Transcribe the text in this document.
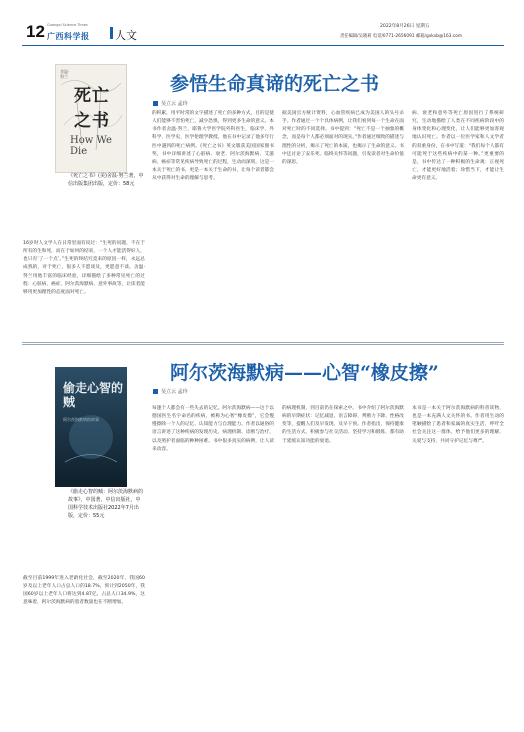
12 Guangxi Science Times
广西科学报 人文
2022年8月26日 星期五
责任编辑/吴晓莉 电话/0771-2656091 邮箱/gxkxb@163.com
参悟生命真谛的死亡之书
吴立云 孟玲
舍温·努兰
死亡之书
How We Die
《死亡之书》(美)舍温·努兰著，中信出版集团出版，定价：58元
16岁时人文学人在日常里面有说过：“生死的问题，不在于所有的生和死，而在于如何的结束，一个人才能活得好人，也只有‘了一个点’。”生死的终结究竟来的原因一样，永远总成熟的，对于死亡，很多人不愿谈及，更愿意不谈。舍温·努兰用他丰富的临床经验，详细描绘了多种常见死亡的过程：心脏病、癌症、阿尔茨海默病、意外事故等，让读者能够用更加理性的态度面对死亡。
的积累，用平时常的文字描述了死亡的多种方式，目的是使人们能够不害怕死亡，减少恐惧，得到更多生命的意义。本书作者舍温·努兰，耶鲁大学医学院外科医生，临床学、外科学、医学史、医学伦理学教授。他在书中记录了他多年行医中遇到的死亡病例。《死亡之书》英文版获美国国家图书奖，书中详细讲述了心脏病、衰老、阿尔茨海默病、艾滋病、癌症等常见疾病导致死亡的过程，生动而深刻，这是一本关于死亡的书，更是一本关于生命的书，让每个读者都会从中获得对生命的理解与思考。
据美国官方统计资料，心血管疾病已成为美国人的头号杀手。作者通过一个个具体病例，让我们看到每一个生命在面对死亡时的不同选择。书中提到：“死亡不是一个抽象的概念，而是每个人都必须面对的现实。”作者通过细致的描述与理性的分析，揭示了死亡的本质，也揭示了生命的意义。书中还讨论了安乐死、临终关怀等问题，引发读者对生命价值的深思。
病、衰老和意外等死亡原因进行了系统研究，生动地描绘了人类在不同疾病阶段中的身体变化和心理变化，让人们能够更加客观地认识死亡。作者以一位医学家和人文学者的双重身份，在书中写道：“我们每个人都有可能死于这些疾病中的某一种。”更重要的是，书中传达了一种积极的生命观：正视死亡，才能更好地活着；珍惜当下，才能让生命更有意义。
阿尔茨海默病——心智“橡皮擦”
吴立云 孟玲
偷走心智的贼
阿尔茨海默病的故事
《偷走心智的贼：阿尔茨海默病的故事》，中国著，中信出版社，中国科学技术出版社2022年7月出版，定价：55元
截至目前1999年进入老龄化社会，截至2020年，我国60岁及以上老年人口占总人口的18.7%，预计到2050年，我国60岁以上老年人口将达到4.87亿，占总人口34.9%，这意味着，阿尔茨海默病的患者数量也在不断增加。
每逢个人都会有一些失去的记忆。阿尔茨海默病——这个以德国医生名字命名的疾病，被称为心智“橡皮擦”，它会慢慢擦除一个人的记忆、认知能力与自理能力。作者以通俗的语言讲述了这种疾病的发现历史、病理机制、诊断与治疗，以及照护者面临的种种困难。书中很多真实的病例，让人读来动容。
的病理机制，到目前仍在探索之中。书中介绍了阿尔茨海默病的早期症状：记忆减退、语言障碍、判断力下降、性格改变等，提醒人们及早发现、及早干预。作者指出，保持健康的生活方式、积极参与社交活动、坚持学习和锻炼，都有助于延缓认知功能的衰退。
本书是一本关于阿尔茨海默病的科普读物，也是一本充满人文关怀的书。作者用生动的笔触描绘了患者和家属的真实生活，呼吁全社会关注这一群体，给予他们更多的理解、关爱与支持，共同守护记忆与尊严。
